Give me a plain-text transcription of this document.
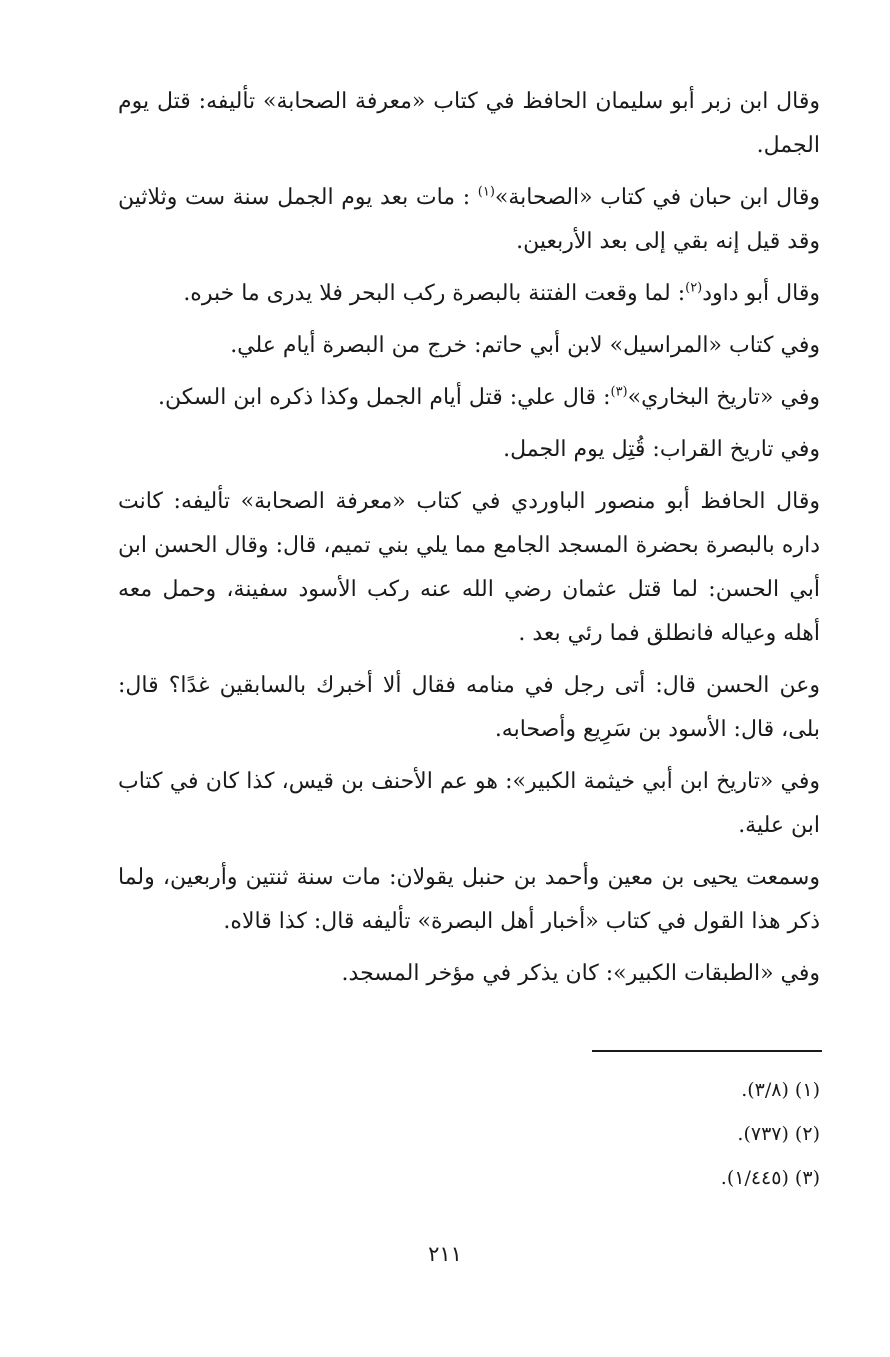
وقال ابن زبر أبو سليمان الحافظ في كتاب «معرفة الصحابة» تأليفه: قتل يوم الجمل.

وقال ابن حبان في كتاب «الصحابة»$^{(١)}$ : مات بعد يوم الجمل سنة ست وثلاثين وقد قيل إنه بقي إلى بعد الأربعين.

وقال أبو داود$^{(٢)}$: لما وقعت الفتنة بالبصرة ركب البحر فلا يدرى ما خبره.

وفي كتاب «المراسيل» لابن أبي حاتم: خرج من البصرة أيام علي.

وفي «تاريخ البخاري»$^{(٣)}$: قال علي: قتل أيام الجمل وكذا ذكره ابن السكن.

وفي تاريخ القراب: قُتِل يوم الجمل.

وقال الحافظ أبو منصور الباوردي في كتاب «معرفة الصحابة» تأليفه: كانت داره بالبصرة بحضرة المسجد الجامع مما يلي بني تميم، قال: وقال الحسن ابن أبي الحسن: لما قتل عثمان رضي الله عنه ركب الأسود سفينة، وحمل معه أهله وعياله فانطلق فما رئي بعد .

وعن الحسن قال: أتى رجل في منامه فقال ألا أخبرك بالسابقين غدًا؟ قال: بلى، قال: الأسود بن سَرِيع وأصحابه.

وفي «تاريخ ابن أبي خيثمة الكبير»: هو عم الأحنف بن قيس، كذا كان في كتاب ابن علية.

وسمعت يحيى بن معين وأحمد بن حنبل يقولان: مات سنة ثنتين وأربعين، ولما ذكر هذا القول في كتاب «أخبار أهل البصرة» تأليفه قال: كذا قالاه.

وفي «الطبقات الكبير»: كان يذكر في مؤخر المسجد.

(١) (٣/٨).

(٢) (٧٣٧).

(٣) (١/٤٤٥).

٢١١
